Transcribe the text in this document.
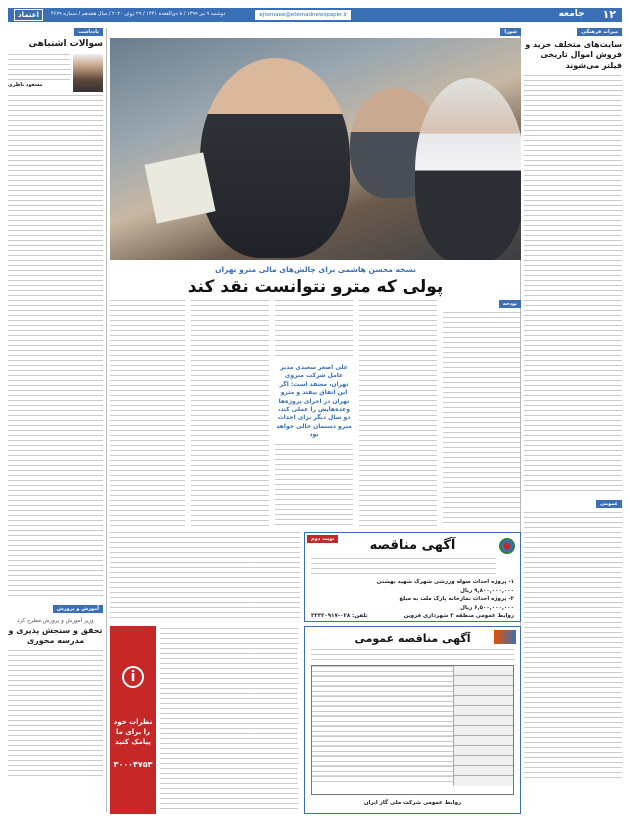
۱۲
جامعه
ejtemaee@etemadnewspaper.ir
دوشنبه ۹ تیر ۱۳۹۹ / ۸ ذی‌القعده ۱۴۴۱ / ۲۹ ژوئن ۲۰۲۰ / سال هجدهم / شماره ۴۶۷۹
اعتماد
میراث فرهنگی
سایت‌های متخلف خرید و فروش اموال تاریخی فیلتر می‌شوند
عمومی
شورا
نسخه محسن هاشمی برای چالش‌های مالی مترو تهران
پولی که مترو نتوانست نقد کند
بودجه
علی اصغر سعیدی مدیر عامل شرکت متروی تهران، معتقد است: اگر این اتفاق بیفتد و مترو تهران در اجرای پروژه‌ها وعده‌هایش را عملی کند، دو سال دیگر برای احداث مترو دستمان خالی خواهد بود
یادداشت
سوالات اشتباهی
مسعود ناظری
آموزش و پرورش
وزیر آموزش و پرورش مطرح کرد
تحقق و سنجش پذیری و مدرسه محوری
نوبت دوم	آگهی مناقصه
۱- پروژه احداث سوله ورزشی شهرک شهید بهشتی
۹,۸۰۰,۰۰۰,۰۰۰ ریال
۲- پروژه احداث نمازخانه پارک ملت به مبلغ
۶,۵۰۰,۰۰۰,۰۰۰ ریال
روابط عمومی منطقه ۲ شهرداری قزوین
تلفن: ۰۲۸-۳۳۳۲۰۹۱۷
آگهی مناقصه عمومی
روابط عمومی شرکت ملی گاز ایران
i
نظرات خود را برای ما پیامک کنید
۳۰۰۰۴۷۵۳
